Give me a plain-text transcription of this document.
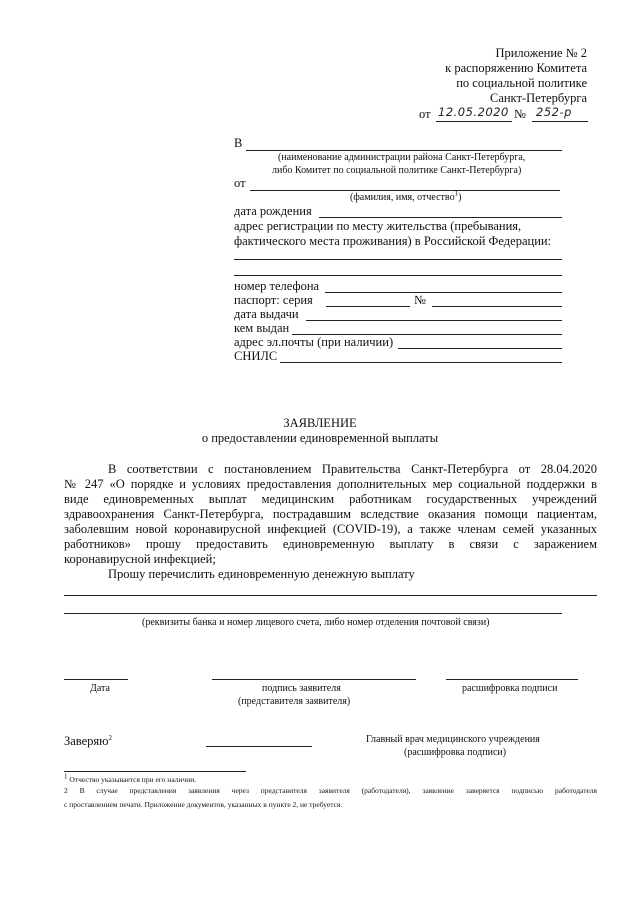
Приложение № 2
к распоряжению Комитета
по социальной политике
Санкт-Петербурга
от 12.05.2020 № 252-р
В
(наименование администрации района Санкт-Петербурга,
либо Комитет по социальной политике Санкт-Петербурга)
от
(фамилия, имя, отчество$^1$)
дата рождения
адрес регистрации по месту жительства (пребывания,
фактического места проживания) в Российской Федерации:
номер телефона
паспорт: серия	№
дата выдачи
кем выдан
адрес эл.почты (при наличии)
СНИЛС
ЗАЯВЛЕНИЕ
о предоставлении единовременной выплаты
В соответствии с постановлением Правительства Санкт-Петербурга от 28.04.2020
№ 247 «О порядке и условиях предоставления дополнительных мер социальной поддержки в
виде единовременных выплат медицинским работникам государственных учреждений
здравоохранения Санкт-Петербурга, пострадавшим вследствие оказания помощи пациентам,
заболевшим новой коронавирусной инфекцией (COVID-19), а также членам семей указанных
работников» прошу предоставить единовременную выплату в связи с заражением
коронавирусной инфекцией;
Прошу перечислить единовременную денежную выплату
(реквизиты банка и номер лицевого счета, либо номер отделения почтовой связи)
Дата	подпись заявителя
(представителя заявителя)
расшифровка подписи
Заверяю$^2$	Главный врач медицинского учреждения
(расшифровка подписи)
$^1$ Отчество указывается при его наличии.
2 В случае представления заявления через представителя заявителя (работодателя), заявление заверяется подписью работодателя
с проставлением печати. Приложение документов, указанных в пункте 2, не требуется.
